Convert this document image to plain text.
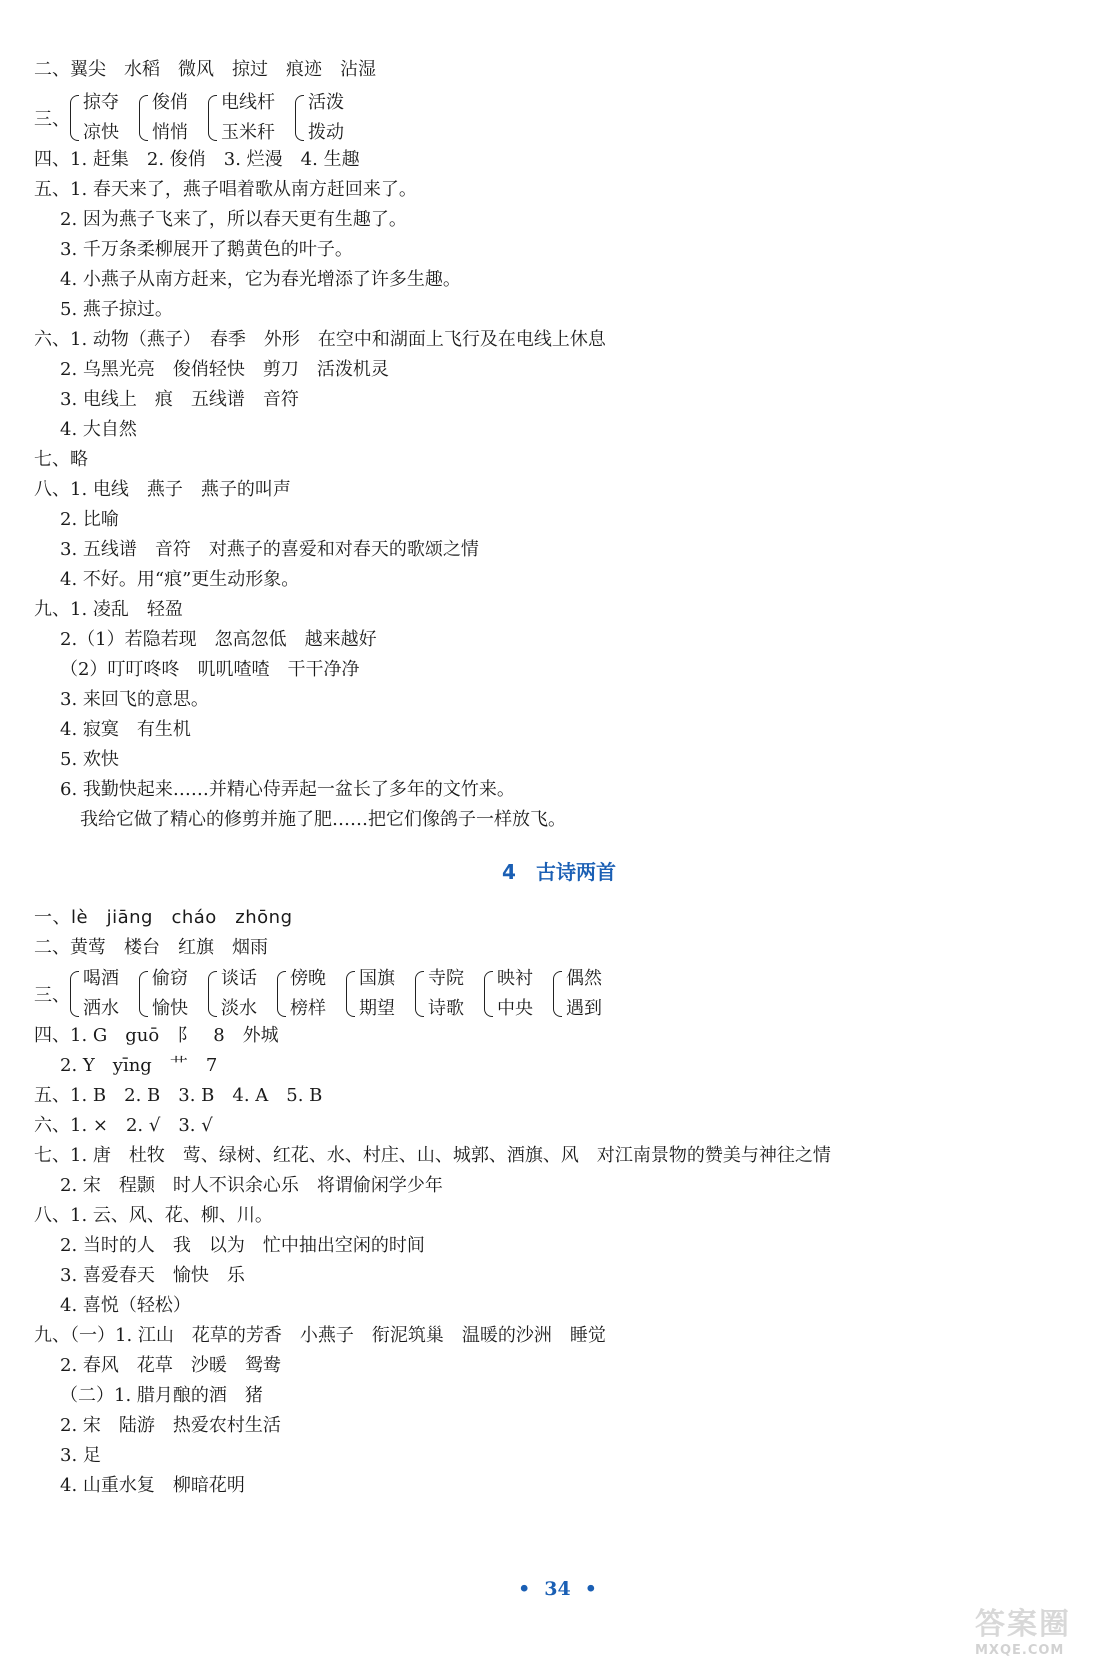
二、翼尖　水稻　微风　掠过　痕迹　沾湿
三、
掠夺
凉快
俊俏
悄悄
电线杆
玉米秆
活泼
拨动
四、1. 赶集　2. 俊俏　3. 烂漫　4. 生趣
五、1. 春天来了，燕子唱着歌从南方赶回来了。
2. 因为燕子飞来了，所以春天更有生趣了。
3. 千万条柔柳展开了鹅黄色的叶子。
4. 小燕子从南方赶来，它为春光增添了许多生趣。
5. 燕子掠过。
六、1. 动物（燕子）　春季　外形　在空中和湖面上飞行及在电线上休息
2. 乌黑光亮　俊俏轻快　剪刀　活泼机灵
3. 电线上　痕　五线谱　音符
4. 大自然
七、略
八、1. 电线　燕子　燕子的叫声
2. 比喻
3. 五线谱　音符　对燕子的喜爱和对春天的歌颂之情
4. 不好。用“痕”更生动形象。
九、1. 凌乱　轻盈
2.（1）若隐若现　忽高忽低　越来越好
（2）叮叮咚咚　叽叽喳喳　干干净净
3. 来回飞的意思。
4. 寂寞　有生机
5. 欢快
6. 我勤快起来……并精心侍弄起一盆长了多年的文竹来。
我给它做了精心的修剪并施了肥……把它们像鸽子一样放飞。
4　古诗两首
一、lè　jiāng　cháo　zhōng
二、黄莺　楼台　红旗　烟雨
三、
喝酒
洒水
偷窃
愉快
谈话
淡水
傍晚
榜样
国旗
期望
寺院
诗歌
映衬
中央
偶然
遇到
四、1. G　guō　阝　8　外城
2. Y　yīng　艹　7
五、1. B　2. B　3. B　4. A　5. B
六、1. ×　2. √　3. √
七、1. 唐　杜牧　莺、绿树、红花、水、村庄、山、城郭、酒旗、风　对江南景物的赞美与神往之情
2. 宋　程颢　时人不识余心乐　将谓偷闲学少年
八、1. 云、风、花、柳、川。
2. 当时的人　我　以为　忙中抽出空闲的时间
3. 喜爱春天　愉快　乐
4. 喜悦（轻松）
九、（一）1. 江山　花草的芳香　小燕子　衔泥筑巢　温暖的沙洲　睡觉
2. 春风　花草　沙暖　鸳鸯
（二）1. 腊月酿的酒　猪
2. 宋　陆游　热爱农村生活
3. 足
4. 山重水复　柳暗花明
• 34 •
答案圈
MXQE.COM
